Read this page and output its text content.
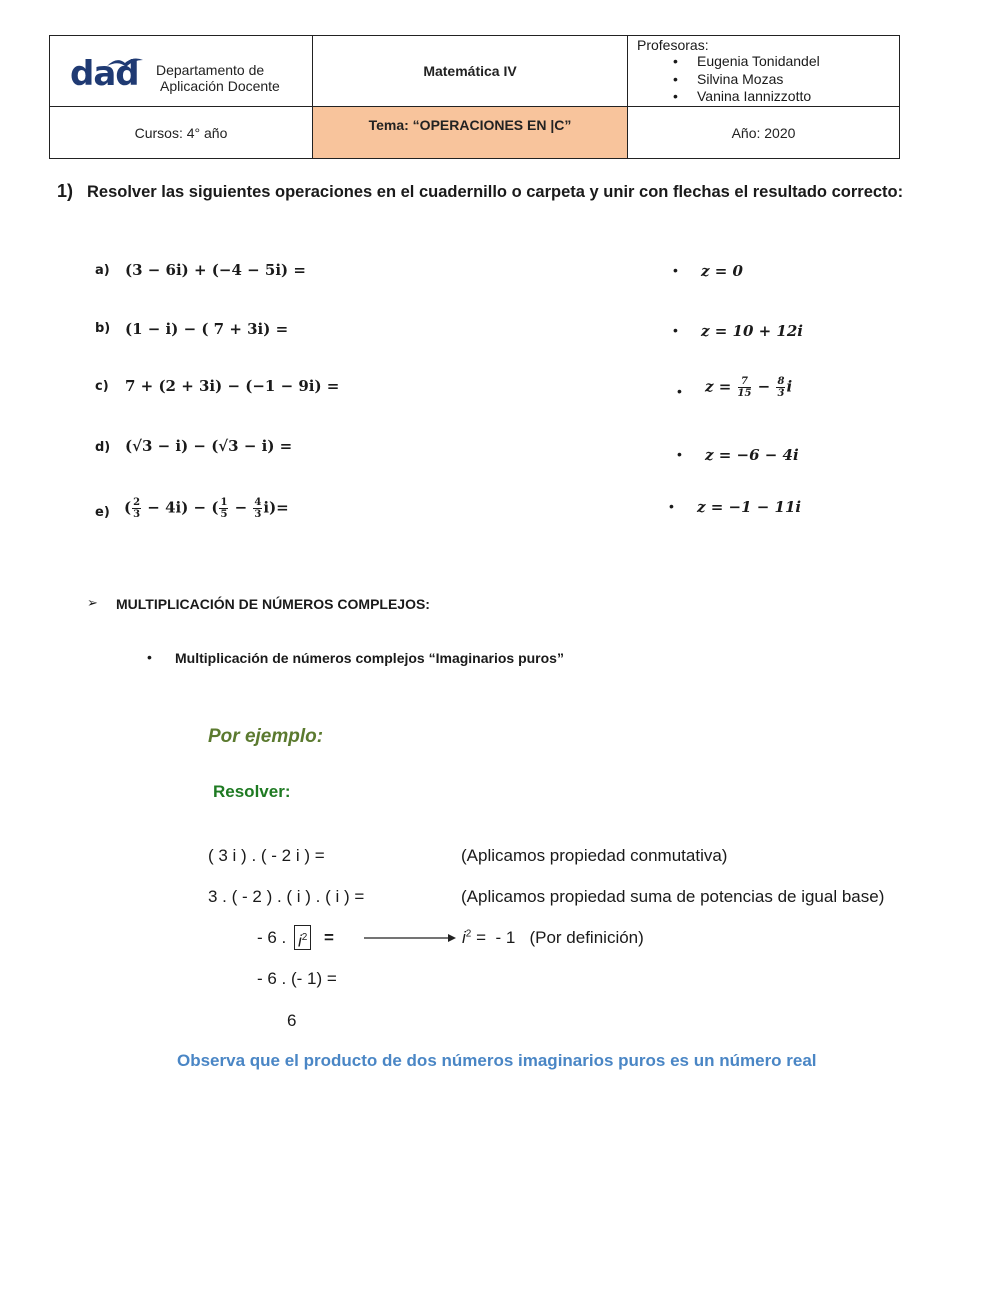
dad Departamento de
Aplicación Docente
Matemática IV
Profesoras:
• Eugenia Tonidandel
• Silvina Mozas
• Vanina Iannizzotto
Cursos: 4° año	Tema: “OPERACIONES EN |C”	Año: 2020
1) Resolver las siguientes operaciones en el cuadernillo o carpeta y unir con flechas el resultado correcto:
a) (3 − 6i) + (−4 − 5i) =
b) (1 − i) − ( 7 + 3i) =
c) 7 + (2 + 3i) − (−1 − 9i) =
d) (√3 − i) − (√3 − i) =
e) ( $\frac{2}{3} - 4i$) − ( $\frac{1}{5} - \frac{4}{3} i)=$
• z = 0
• z = 10 + 12i
• $z = \frac{7}{15} - \frac{8}{3}$ i
• z = −6 − 4i
• z = −1 − 11i
➢ MULTIPLICACIÓN DE NÚMEROS COMPLEJOS:
• Multiplicación de números complejos “Imaginarios puros”
Por ejemplo:
Resolver:
( 3 i ) . ( - 2 i ) =	(Aplicamos propiedad conmutativa)
3 . ( - 2 ) . ( i ) . ( i ) =	(Aplicamos propiedad suma de potencias de igual base)
- 6 . $i^2$ =	$i^2$ =  - 1   (Por definición)
- 6 . (- 1) =
6
Observa que el producto de dos números imaginarios puros es un número real
